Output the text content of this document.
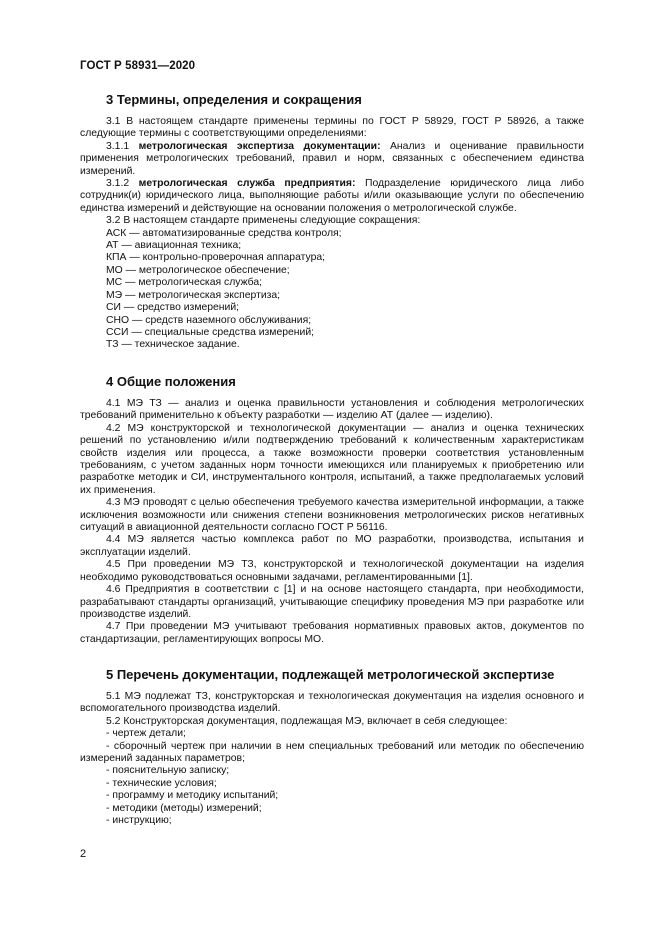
ГОСТ Р 58931—2020
3 Термины, определения и сокращения

3.1 В настоящем стандарте применены термины по ГОСТ Р 58929, ГОСТ Р 58926, а также следующие термины с соответствующими определениями:

3.1.1 метрологическая экспертиза документации: Анализ и оценивание правильности применения метрологических требований, правил и норм, связанных с обеспечением единства измерений.

3.1.2 метрологическая служба предприятия: Подразделение юридического лица либо сотрудник(и) юридического лица, выполняющие работы и/или оказывающие услуги по обеспечению единства измерений и действующие на основании положения о метрологической службе.

3.2 В настоящем стандарте применены следующие сокращения:

АСК — автоматизированные средства контроля;

АТ — авиационная техника;

КПА — контрольно-проверочная аппаратура;

МО — метрологическое обеспечение;

МС — метрологическая служба;

МЭ — метрологическая экспертиза;

СИ — средство измерений;

СНО — средств наземного обслуживания;

ССИ — специальные средства измерений;

ТЗ — техническое задание.

4 Общие положения

4.1 МЭ ТЗ — анализ и оценка правильности установления и соблюдения метрологических требований применительно к объекту разработки — изделию АТ (далее — изделию).

4.2 МЭ конструкторской и технологической документации — анализ и оценка технических решений по установлению и/или подтверждению требований к количественным характеристикам свойств изделия или процесса, а также возможности проверки соответствия установленным требованиям, с учетом заданных норм точности имеющихся или планируемых к приобретению или разработке методик и СИ, инструментального контроля, испытаний, а также предполагаемых условий их применения.

4.3 МЭ проводят с целью обеспечения требуемого качества измерительной информации, а также исключения возможности или снижения степени возникновения метрологических рисков негативных ситуаций в авиационной деятельности согласно ГОСТ Р 56116.

4.4 МЭ является частью комплекса работ по МО разработки, производства, испытания и эксплуатации изделий.

4.5 При проведении МЭ ТЗ, конструкторской и технологической документации на изделия необходимо руководствоваться основными задачами, регламентированными [1].

4.6 Предприятия в соответствии с [1] и на основе настоящего стандарта, при необходимости, разрабатывают стандарты организаций, учитывающие специфику проведения МЭ при разработке или производстве изделий.

4.7 При проведении МЭ учитывают требования нормативных правовых актов, документов по стандартизации, регламентирующих вопросы МО.

5 Перечень документации, подлежащей метрологической экспертизе

5.1 МЭ подлежат ТЗ, конструкторская и технологическая документация на изделия основного и вспомогательного производства изделий.

5.2 Конструкторская документация, подлежащая МЭ, включает в себя следующее:

- чертеж детали;

- сборочный чертеж при наличии в нем специальных требований или методик по обеспечению измерений заданных параметров;

- пояснительную записку;

- технические условия;

- программу и методику испытаний;

- методики (методы) измерений;

- инструкцию;

2
